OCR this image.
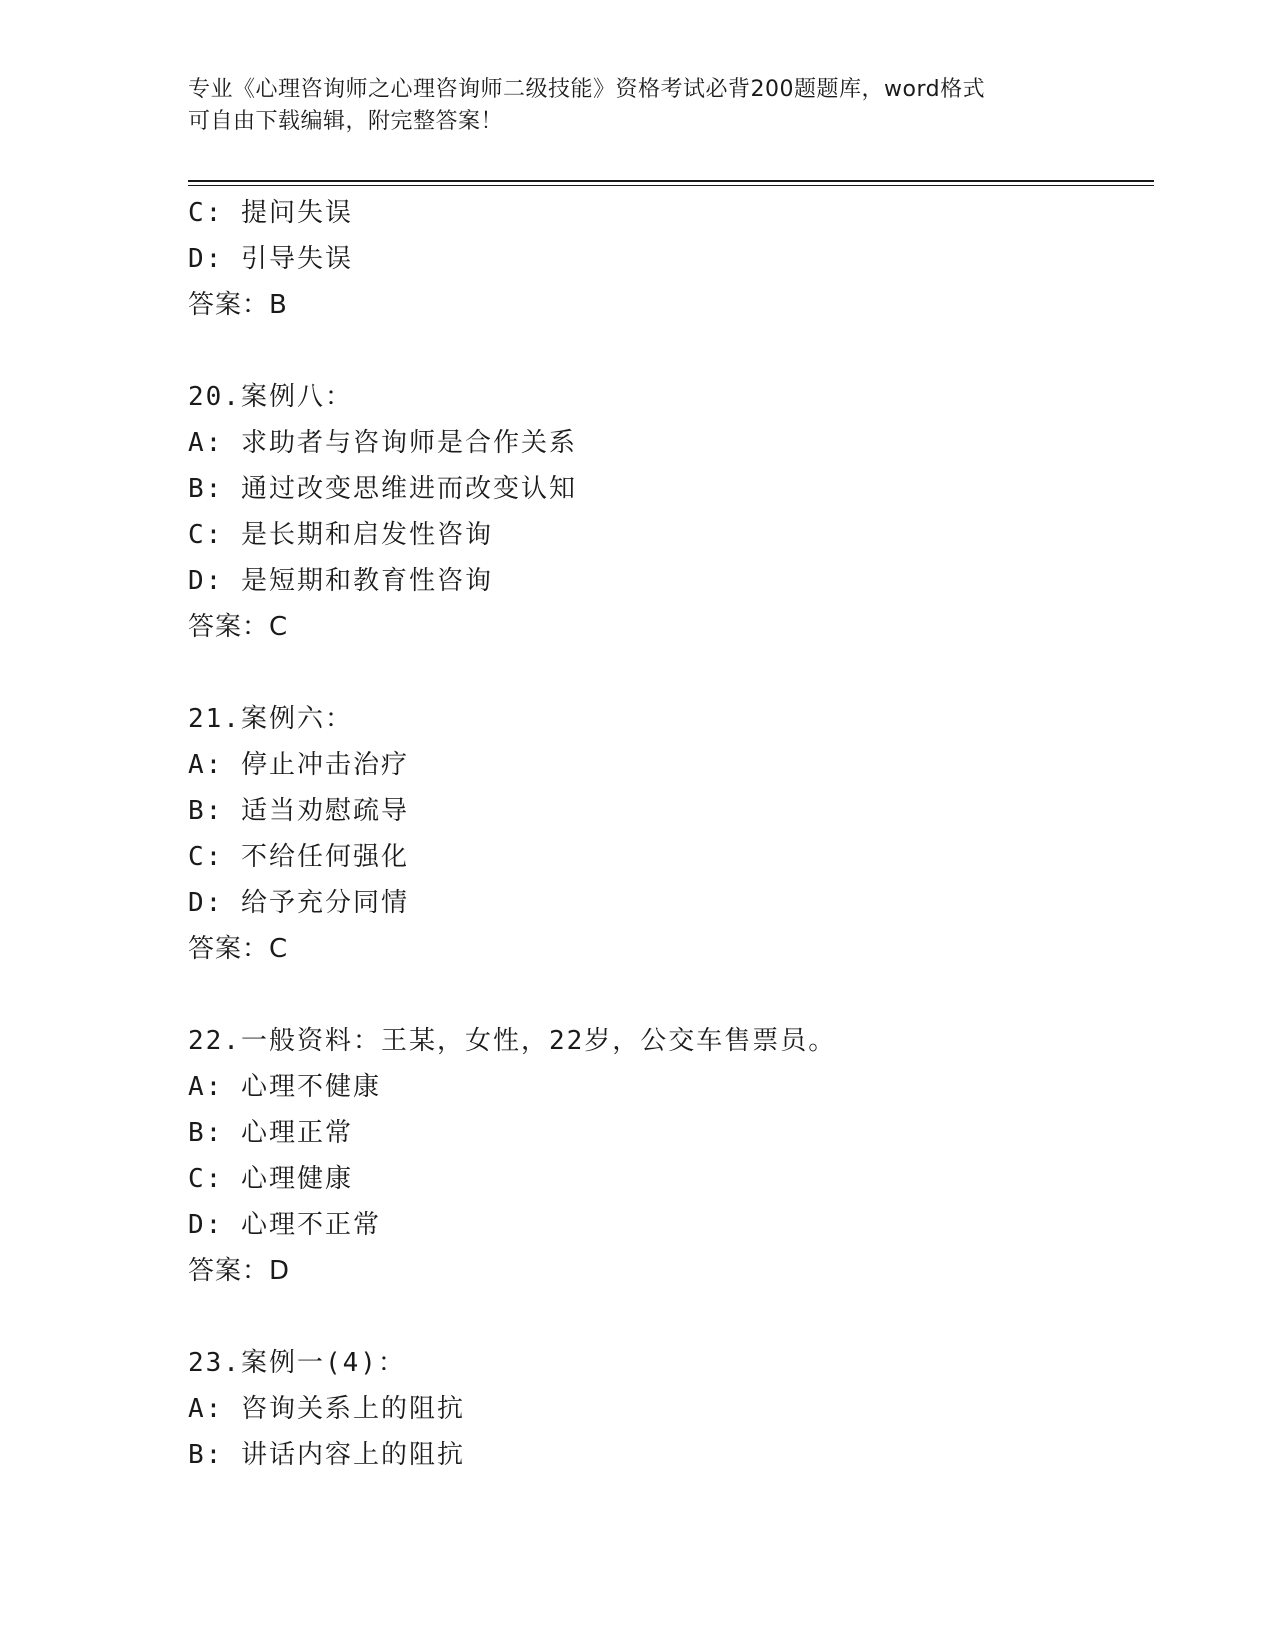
专业《心理咨询师之心理咨询师二级技能》资格考试必背200题题库，word格式
可自由下载编辑，附完整答案！
C: 提问失误
D: 引导失误
答案：B
20.案例八：
A: 求助者与咨询师是合作关系
B: 通过改变思维进而改变认知
C: 是长期和启发性咨询
D: 是短期和教育性咨询
答案：C
21.案例六：
A: 停止冲击治疗
B: 适当劝慰疏导
C: 不给任何强化
D: 给予充分同情
答案：C
22.一般资料：王某，女性，22岁，公交车售票员。
A: 心理不健康
B: 心理正常
C: 心理健康
D: 心理不正常
答案：D
23.案例一(4)：
A: 咨询关系上的阻抗
B: 讲话内容上的阻抗
